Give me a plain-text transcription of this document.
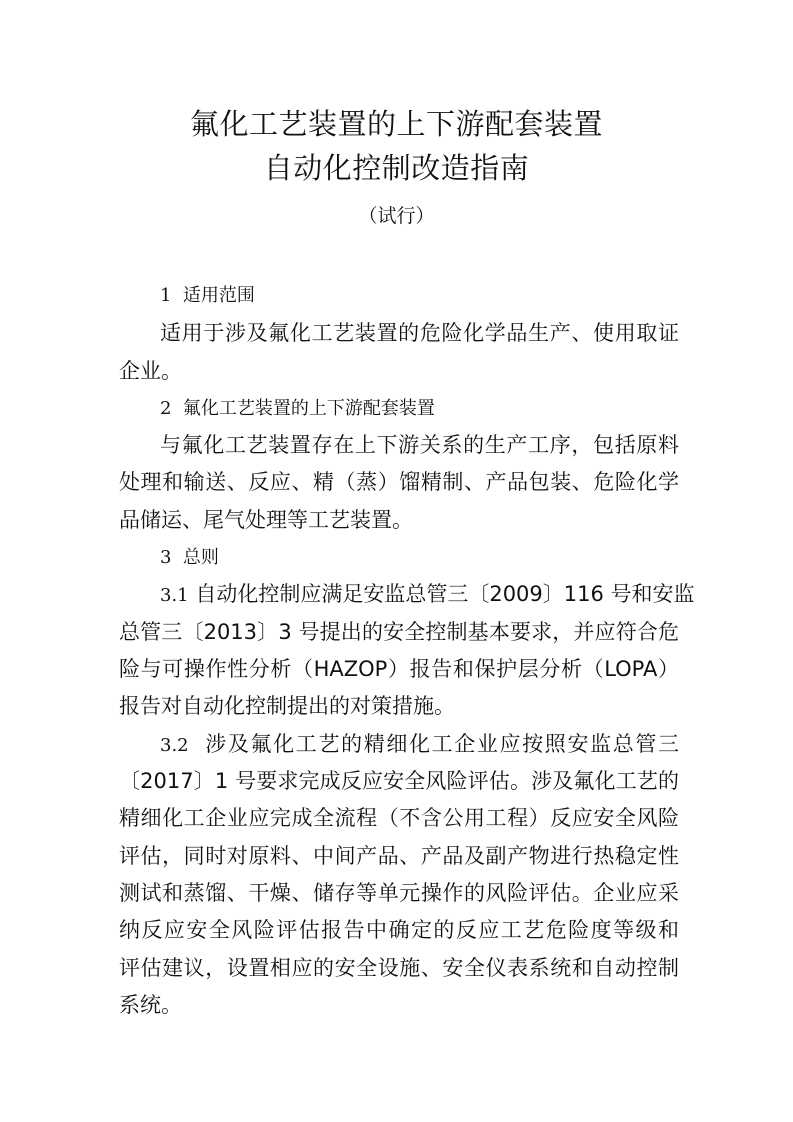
氟化工艺装置的上下游配套装置
自动化控制改造指南
（试行）
1 适用范围
适用于涉及氟化工艺装置的危险化学品生产、使用取证
企业。
2 氟化工艺装置的上下游配套装置
与氟化工艺装置存在上下游关系的生产工序，包括原料
处理和输送、反应、精（蒸）馏精制、产品包装、危险化学
品储运、尾气处理等工艺装置。
3 总则
3.1 自动化控制应满足安监总管三〔2009〕116 号和安监
总管三〔2013〕3 号提出的安全控制基本要求，并应符合危
险与可操作性分析（HAZOP）报告和保护层分析（LOPA）
报告对自动化控制提出的对策措施。
3.2 涉及氟化工艺的精细化工企业应按照安监总管三
〔2017〕1 号要求完成反应安全风险评估。涉及氟化工艺的
精细化工企业应完成全流程（不含公用工程）反应安全风险
评估，同时对原料、中间产品、产品及副产物进行热稳定性
测试和蒸馏、干燥、储存等单元操作的风险评估。企业应采
纳反应安全风险评估报告中确定的反应工艺危险度等级和
评估建议，设置相应的安全设施、安全仪表系统和自动控制
系统。
